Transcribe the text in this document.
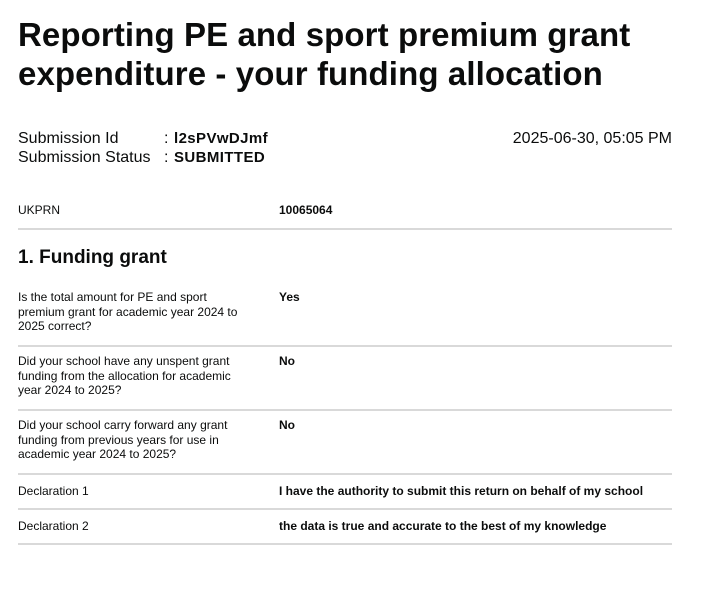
Reporting PE and sport premium grant expenditure - your funding allocation
Submission Id	: l2sPVwDJmf
Submission Status : SUBMITTED
2025-06-30, 05:05 PM
UKPRN	10065064
1. Funding grant
Is the total amount for PE and sport premium grant for academic year 2024 to 2025 correct?
Yes
Did your school have any unspent grant funding from the allocation for academic year 2024 to 2025?
No
Did your school carry forward any grant funding from previous years for use in academic year 2024 to 2025?
No
Declaration 1	I have the authority to submit this return on behalf of my school
Declaration 2	the data is true and accurate to the best of my knowledge
